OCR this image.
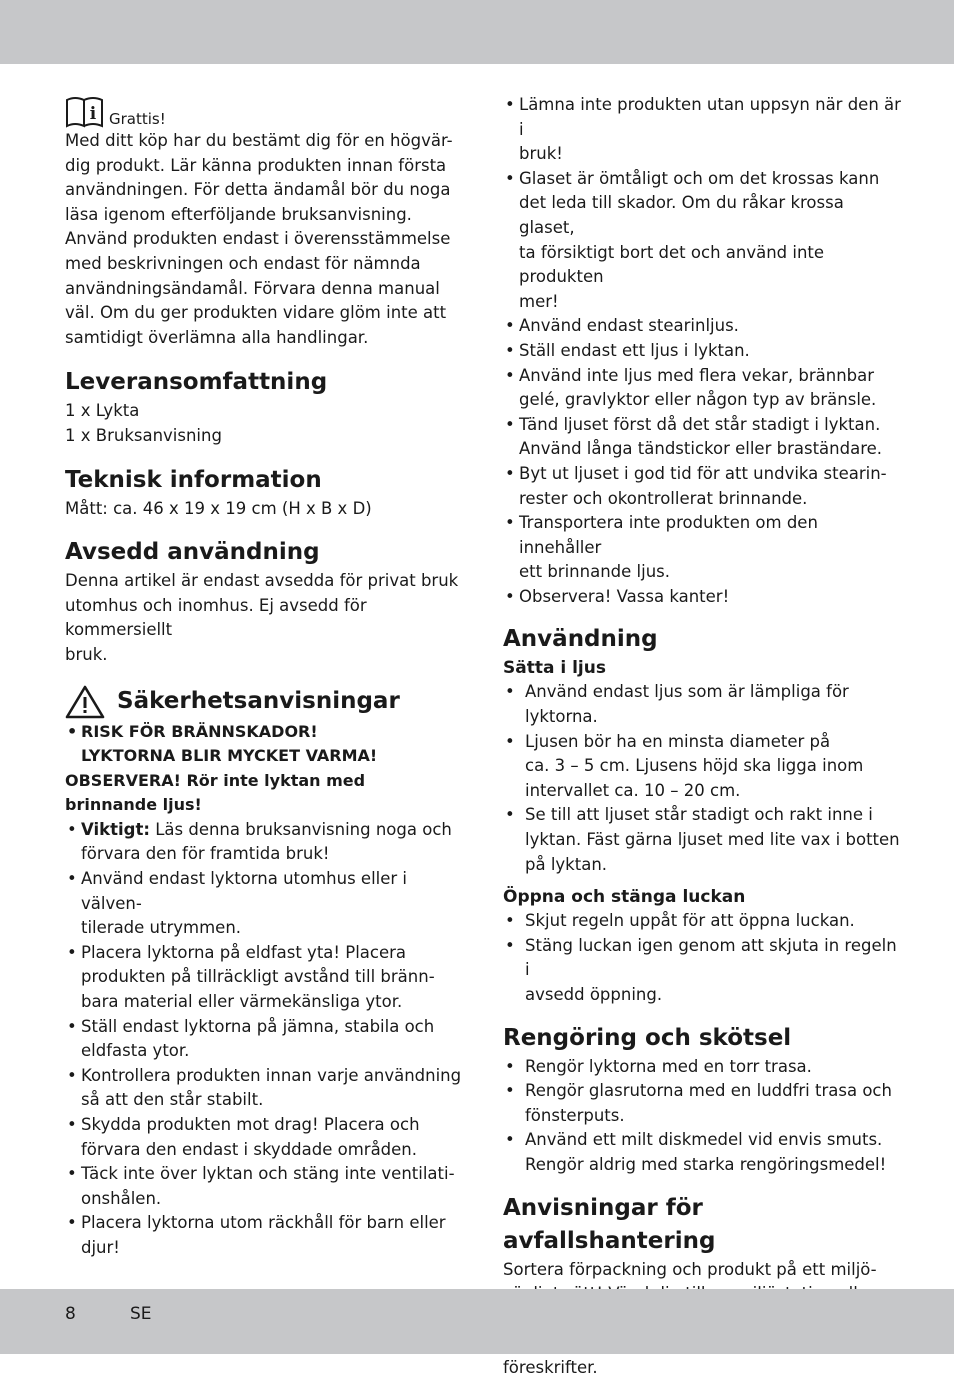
i Grattis!
Med ditt köp har du bestämt dig för en högvär-
dig produkt. Lär känna produkten innan första
användningen. För detta ändamål bör du noga
läsa igenom efterföljande bruksanvisning.
Använd produkten endast i överensstämmelse
med beskrivningen och endast för nämnda
användningsändamål. Förvara denna manual
väl. Om du ger produkten vidare glöm inte att
samtidigt överlämna alla handlingar.

Leveransomfattning

1 x Lykta
1 x Bruksanvisning

Teknisk information

Mått: ca. 46 x 19 x 19 cm (H x B x D)

Avsedd användning

Denna artikel är endast avsedda för privat bruk
utomhus och inomhus. Ej avsedd för kommersiellt
bruk.
Säkerhetsanvisningar
• RISK FÖR BRÄNNSKADOR!
LYKTORNA BLIR MYCKET VARMA!
OBSERVERA! Rör inte lyktan med
brinnande ljus!
• Viktigt: Läs denna bruksanvisning noga och
förvara den för framtida bruk!
• Använd endast lyktorna utomhus eller i välven-
tilerade utrymmen.
• Placera lyktorna på eldfast yta! Placera
produkten på tillräckligt avstånd till bränn-
bara material eller värmekänsliga ytor.
• Ställ endast lyktorna på jämna, stabila och
eldfasta ytor.
• Kontrollera produkten innan varje användning
så att den står stabilt.
• Skydda produkten mot drag! Placera och
förvara den endast i skyddade områden.
• Täck inte över lyktan och stäng inte ventilati-
onshålen.
• Placera lyktorna utom räckhåll för barn eller
djur!
• Lämna inte produkten utan uppsyn när den är i
bruk!
• Glaset är ömtåligt och om det krossas kann
det leda till skador. Om du råkar krossa glaset,
ta försiktigt bort det och använd inte produkten
mer!
• Använd endast stearinljus.
• Ställ endast ett ljus i lyktan.
• Använd inte ljus med flera vekar, brännbar
gelé, gravlyktor eller någon typ av bränsle.
• Tänd ljuset först då det står stadigt i lyktan.
Använd långa tändstickor eller braständare.
• Byt ut ljuset i god tid för att undvika stearin-
rester och okontrollerat brinnande.
• Transportera inte produkten om den innehåller
ett brinnande ljus.
• Observera! Vassa kanter!

Användning

Sätta i ljus

• Använd endast ljus som är lämpliga för
lyktorna.
• Ljusen bör ha en minsta diameter på
ca. 3 – 5 cm. Ljusens höjd ska ligga inom
intervallet ca. 10 – 20 cm.
• Se till att ljuset står stadigt och rakt inne i
lyktan. Fäst gärna ljuset med lite vax i botten
på lyktan.

Öppna och stänga luckan

• Skjut regeln uppåt för att öppna luckan.
• Stäng luckan igen genom att skjuta in regeln i
avsedd öppning.

Rengöring och skötsel

• Rengör lyktorna med en torr trasa.
• Rengör glasrutorna med en luddfri trasa och
fönsterputs.
• Använd ett milt diskmedel vid envis smuts.
Rengör aldrig med starka rengöringsmedel!

Anvisningar för

avfallshantering

Sortera förpackning och produkt på ett miljö-
föreskrifter.
8	SE
